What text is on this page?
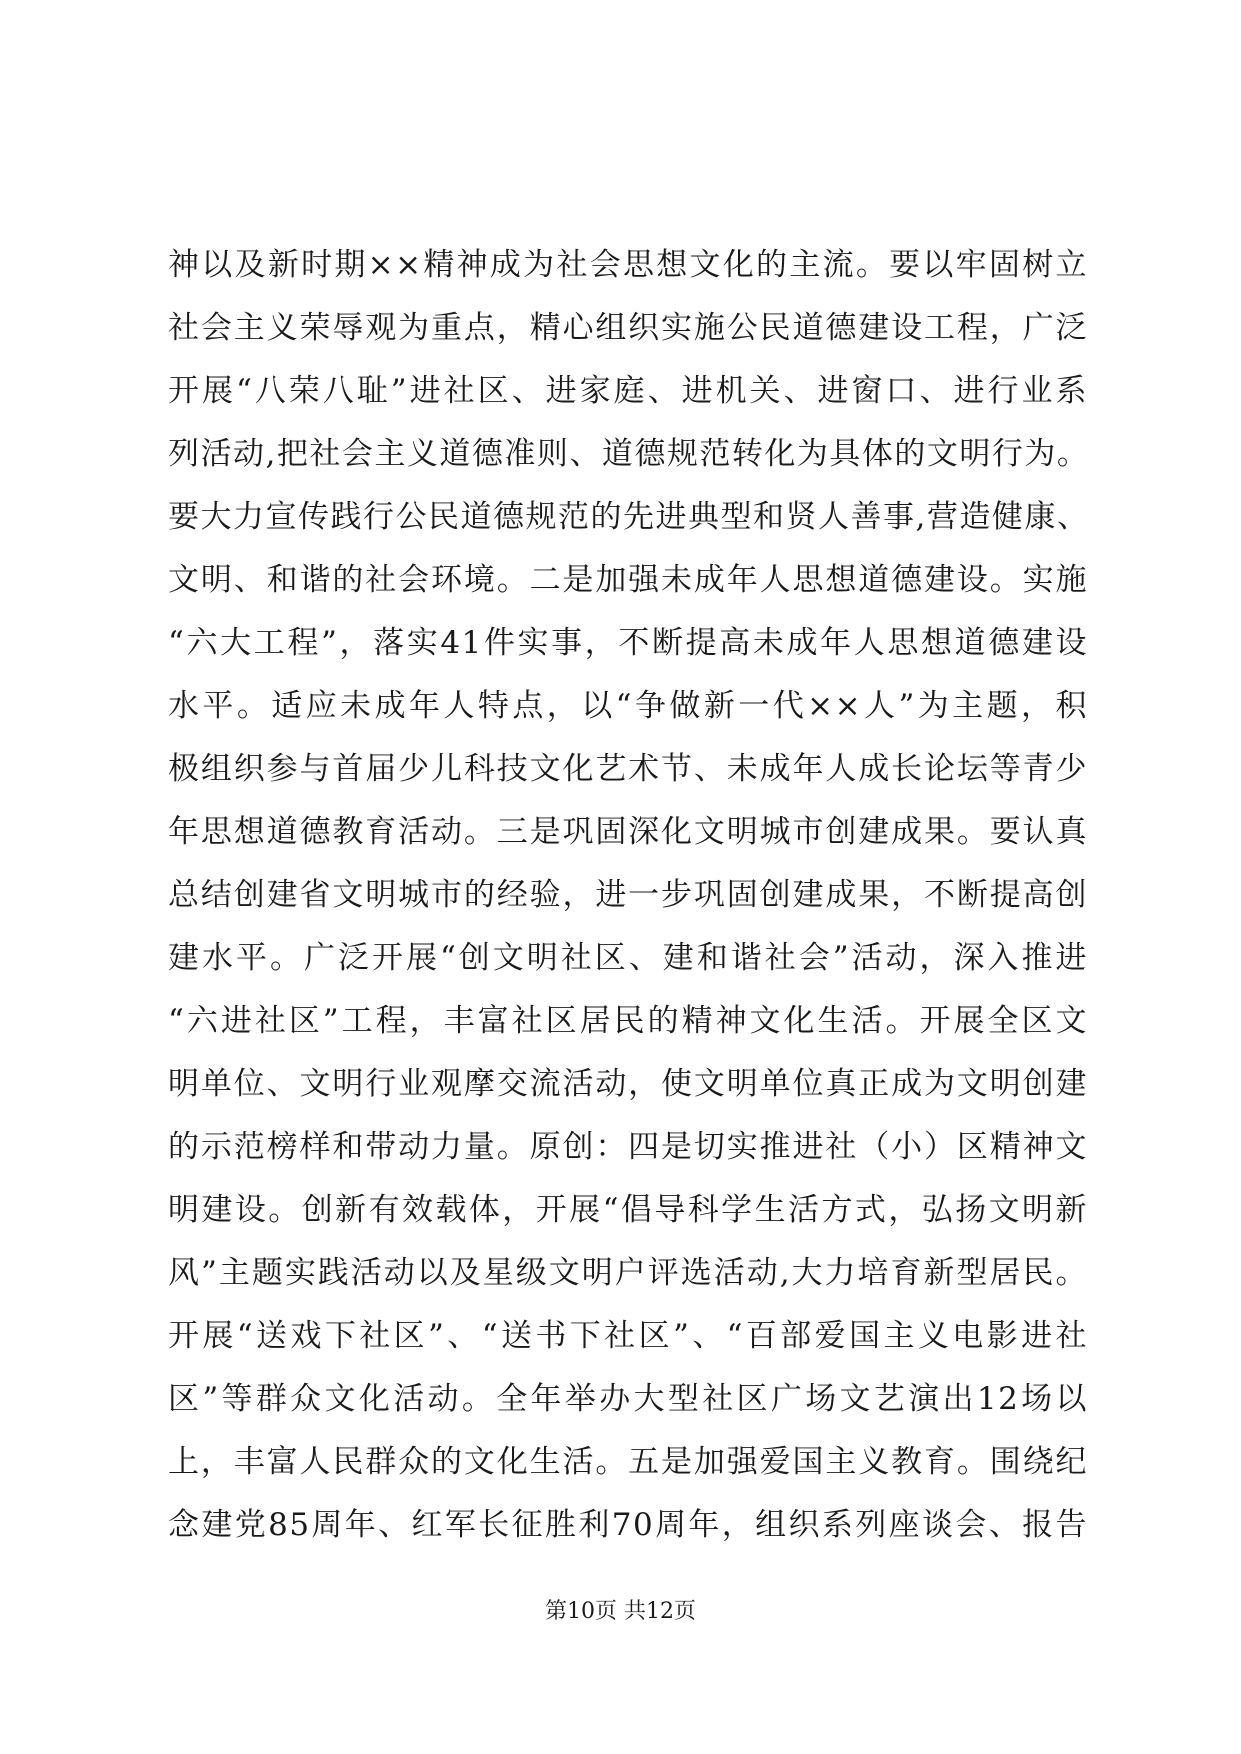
神以及新时期××精神成为社会思想文化的主流。要以牢固树立
社会主义荣辱观为重点，精心组织实施公民道德建设工程，广泛
开展“八荣八耻”进社区、进家庭、进机关、进窗口、进行业系
列活动,把社会主义道德准则、道德规范转化为具体的文明行为。
要大力宣传践行公民道德规范的先进典型和贤人善事,营造健康、
文明、和谐的社会环境。二是加强未成年人思想道德建设。实施
“六大工程”，落实41件实事，不断提高未成年人思想道德建设
水平。适应未成年人特点，以“争做新一代××人”为主题，积
极组织参与首届少儿科技文化艺术节、未成年人成长论坛等青少
年思想道德教育活动。三是巩固深化文明城市创建成果。要认真
总结创建省文明城市的经验，进一步巩固创建成果，不断提高创
建水平。广泛开展“创文明社区、建和谐社会”活动，深入推进
“六进社区”工程，丰富社区居民的精神文化生活。开展全区文
明单位、文明行业观摩交流活动，使文明单位真正成为文明创建
的示范榜样和带动力量。原创：四是切实推进社（小）区精神文
明建设。创新有效载体，开展“倡导科学生活方式，弘扬文明新
风”主题实践活动以及星级文明户评选活动,大力培育新型居民。
开展“送戏下社区”、“送书下社区”、“百部爱国主义电影进社
区”等群众文化活动。全年举办大型社区广场文艺演出12场以
上，丰富人民群众的文化生活。五是加强爱国主义教育。围绕纪
念建党85周年、红军长征胜利70周年，组织系列座谈会、报告
第10页 共12页
